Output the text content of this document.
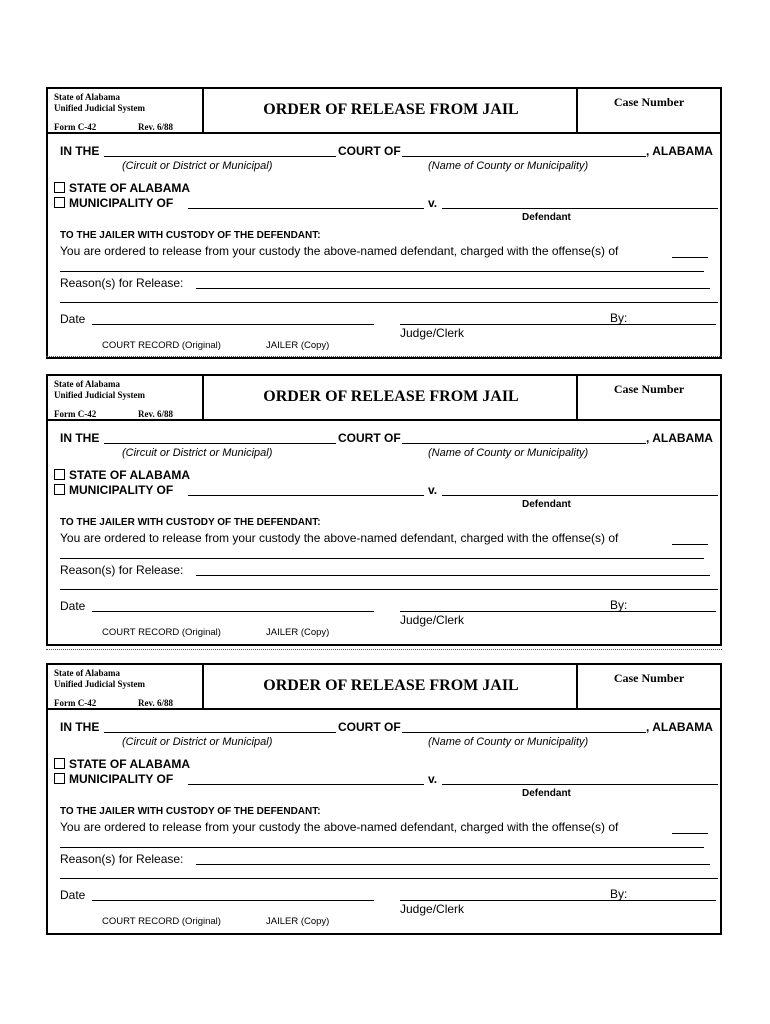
State of Alabama
Unified Judicial System
Form C-42	Rev. 6/88
ORDER OF RELEASE FROM JAIL	Case Number
IN THE	COURT OF	, ALABAMA
(Circuit or District or Municipal)	(Name of County or Municipality)
STATE OF ALABAMA
MUNICIPALITY OF	v.
Defendant
TO THE JAILER WITH CUSTODY OF THE DEFENDANT:
You are ordered to release from your custody the above-named defendant, charged with the offense(s) of
Reason(s) for Release:
Date	By:
Judge/Clerk
COURT RECORD (Original)	JAILER (Copy)
State of Alabama
Unified Judicial System
Form C-42	Rev. 6/88
ORDER OF RELEASE FROM JAIL	Case Number
IN THE	COURT OF	, ALABAMA
(Circuit or District or Municipal)	(Name of County or Municipality)
STATE OF ALABAMA
MUNICIPALITY OF	v.
Defendant
TO THE JAILER WITH CUSTODY OF THE DEFENDANT:
You are ordered to release from your custody the above-named defendant, charged with the offense(s) of
Reason(s) for Release:
Date	By:
Judge/Clerk
COURT RECORD (Original)	JAILER (Copy)
State of Alabama
Unified Judicial System
Form C-42	Rev. 6/88
ORDER OF RELEASE FROM JAIL	Case Number
IN THE	COURT OF	, ALABAMA
(Circuit or District or Municipal)	(Name of County or Municipality)
STATE OF ALABAMA
MUNICIPALITY OF	v.
Defendant
TO THE JAILER WITH CUSTODY OF THE DEFENDANT:
You are ordered to release from your custody the above-named defendant, charged with the offense(s) of
Reason(s) for Release:
Date	By:
Judge/Clerk
COURT RECORD (Original)	JAILER (Copy)
